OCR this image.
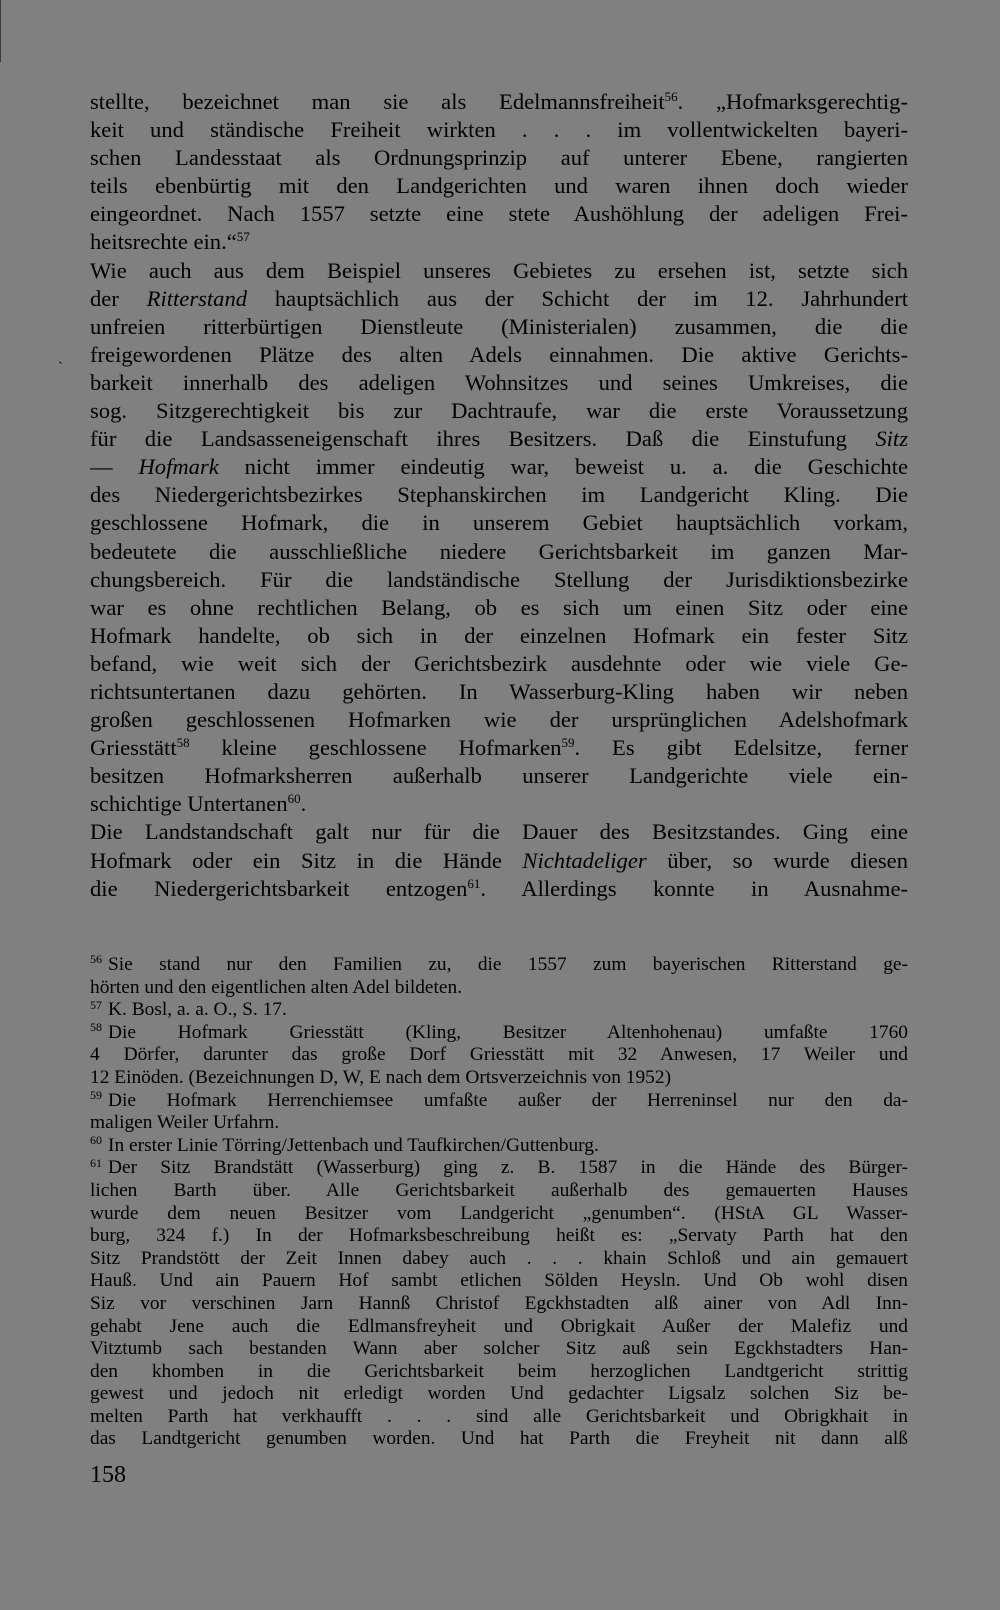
ˋ
stellte, bezeichnet man sie als Edelmannsfreiheit$^{56}$. „Hofmarksgerechtig-
keit und ständische Freiheit wirkten . . . im vollentwickelten bayeri-
schen Landesstaat als Ordnungsprinzip auf unterer Ebene, rangierten
teils ebenbürtig mit den Landgerichten und waren ihnen doch wieder
eingeordnet. Nach 1557 setzte eine stete Aushöhlung der adeligen Frei-
heitsrechte ein.“$^{57}$
Wie auch aus dem Beispiel unseres Gebietes zu ersehen ist, setzte sich
der Ritterstand hauptsächlich aus der Schicht der im 12. Jahrhundert
unfreien ritterbürtigen Dienstleute (Ministerialen) zusammen, die die
freigewordenen Plätze des alten Adels einnahmen. Die aktive Gerichts-
barkeit innerhalb des adeligen Wohnsitzes und seines Umkreises, die
sog. Sitzgerechtigkeit bis zur Dachtraufe, war die erste Voraussetzung
für die Landsasseneigenschaft ihres Besitzers. Daß die Einstufung Sitz
— Hofmark nicht immer eindeutig war, beweist u. a. die Geschichte
des Niedergerichtsbezirkes Stephanskirchen im Landgericht Kling. Die
geschlossene Hofmark, die in unserem Gebiet hauptsächlich vorkam,
bedeutete die ausschließliche niedere Gerichtsbarkeit im ganzen Mar-
chungsbereich. Für die landständische Stellung der Jurisdiktionsbezirke
war es ohne rechtlichen Belang, ob es sich um einen Sitz oder eine
Hofmark handelte, ob sich in der einzelnen Hofmark ein fester Sitz
befand, wie weit sich der Gerichtsbezirk ausdehnte oder wie viele Ge-
richtsuntertanen dazu gehörten. In Wasserburg-Kling haben wir neben
großen geschlossenen Hofmarken wie der ursprünglichen Adelshofmark
Griesstätt$^{58}$ kleine geschlossene Hofmarken$^{59}$. Es gibt Edelsitze, ferner
besitzen Hofmarksherren außerhalb unserer Landgerichte viele ein-
schichtige Untertanen$^{60}$.
Die Landstandschaft galt nur für die Dauer des Besitzstandes. Ging eine
Hofmark oder ein Sitz in die Hände Nichtadeliger über, so wurde diesen
die Niedergerichtsbarkeit entzogen$^{61}$. Allerdings konnte in Ausnahme-
$^{56}$ Sie stand nur den Familien zu, die 1557 zum bayerischen Ritterstand ge-
hörten und den eigentlichen alten Adel bildeten.
$^{57}$ K. Bosl, a. a. O., S. 17.
$^{58}$ Die Hofmark Griesstätt (Kling, Besitzer Altenhohenau) umfaßte 1760
4 Dörfer, darunter das große Dorf Griesstätt mit 32 Anwesen, 17 Weiler und
12 Einöden. (Bezeichnungen D, W, E nach dem Ortsverzeichnis von 1952)
$^{59}$ Die Hofmark Herrenchiemsee umfaßte außer der Herreninsel nur den da-
maligen Weiler Urfahrn.
$^{60}$ In erster Linie Törring/Jettenbach und Taufkirchen/Guttenburg.
$^{61}$ Der Sitz Brandstätt (Wasserburg) ging z. B. 1587 in die Hände des Bürger-
lichen Barth über. Alle Gerichtsbarkeit außerhalb des gemauerten Hauses
wurde dem neuen Besitzer vom Landgericht „genumben“. (HStA GL Wasser-
burg, 324 f.) In der Hofmarksbeschreibung heißt es: „Servaty Parth hat den
Sitz Prandstött der Zeit Innen dabey auch . . . khain Schloß und ain gemauert
Hauß. Und ain Pauern Hof sambt etlichen Sölden Heysln. Und Ob wohl disen
Siz vor verschinen Jarn Hannß Christof Egckhstadten alß ainer von Adl Inn-
gehabt Jene auch die Edlmansfreyheit und Obrigkait Außer der Malefiz und
Vitztumb sach bestanden Wann aber solcher Sitz auß sein Egckhstadters Han-
den khomben in die Gerichtsbarkeit beim herzoglichen Landtgericht strittig
gewest und jedoch nit erledigt worden Und gedachter Ligsalz solchen Siz be-
melten Parth hat verkhaufft . . . sind alle Gerichtsbarkeit und Obrigkhait in
das Landtgericht genumben worden. Und hat Parth die Freyheit nit dann alß
158
